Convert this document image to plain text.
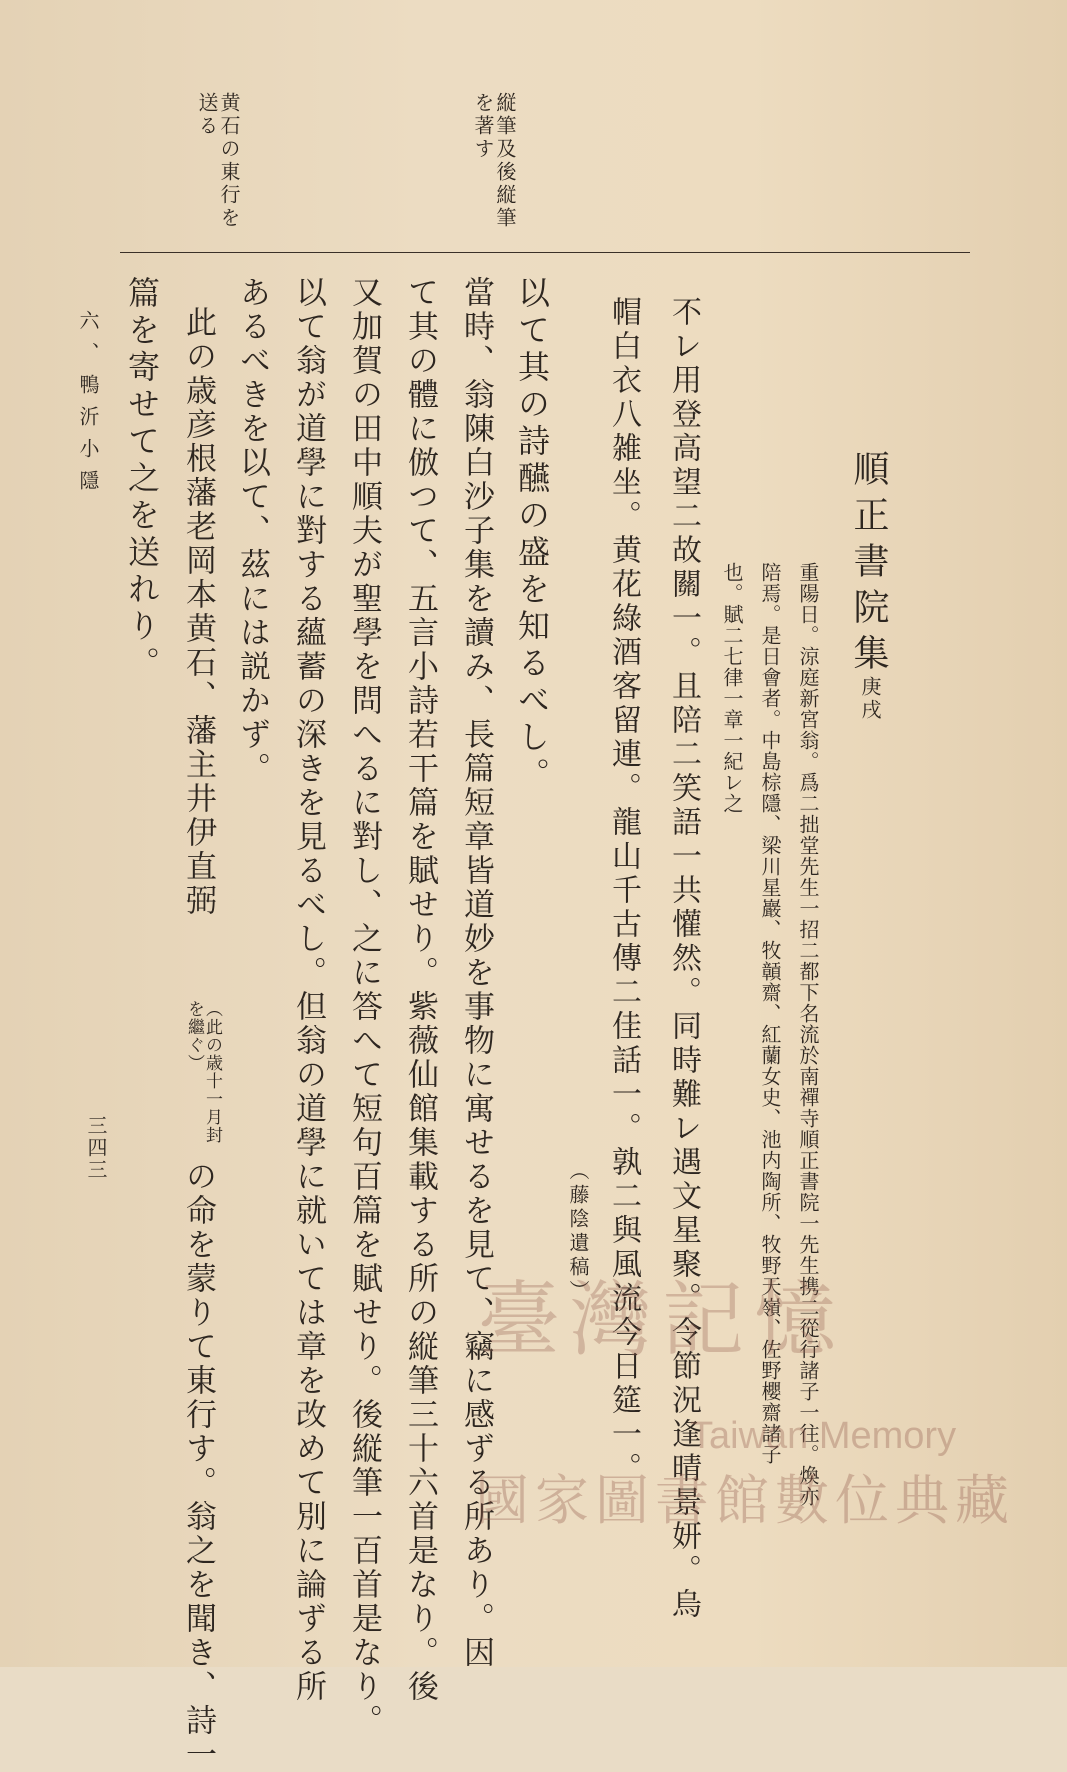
縦筆及後縦筆を著す
黄石の東行を送る
順正書院集
庚戌
重陽日。涼庭新宮翁。爲二拙堂先生一招二都下名流於南禪寺順正書院一先生携二從行諸子一往。煥亦
陪焉。是日會者。中島棕隱、梁川星巖、牧贑齋、紅蘭女史、池内陶所、牧野天嶺、佐野櫻齋諸子
也。賦二七律一章一紀レ之
不レ用登高望二故關一。且陪二笑語一共懽然。同時難レ遇文星聚。令節況逢晴景妍。烏
帽白衣八雑坐。黄花綠酒客留連。龍山千古傳二佳話一。孰二與風流今日筵一。
（藤陰遺稿）
以て其の詩醼の盛を知るべし。
當時、翁陳白沙子集を讀み、長篇短章皆道妙を事物に寓せるを見て、竊に感ずる所あり。因
て其の體に倣つて、五言小詩若干篇を賦せり。紫薇仙館集載する所の縦筆三十六首是なり。後
又加賀の田中順夫が聖學を問へるに對し、之に答へて短句百篇を賦せり。後縦筆一百首是なり。
以て翁が道學に對する蘊蓄の深きを見るべし。但翁の道學に就いては章を改めて別に論ずる所
あるべきを以て、茲には説かず。
此の歳彦根藩老岡本黄石、藩主井伊直弼
（此の歳十一月封を繼ぐ）
の命を蒙りて東行す。翁之を聞き、詩一
篇を寄せて之を送れり。
六、鴨沂小隱
三四三
臺灣記憶
Taiwan Memory
國家圖書館數位典藏
